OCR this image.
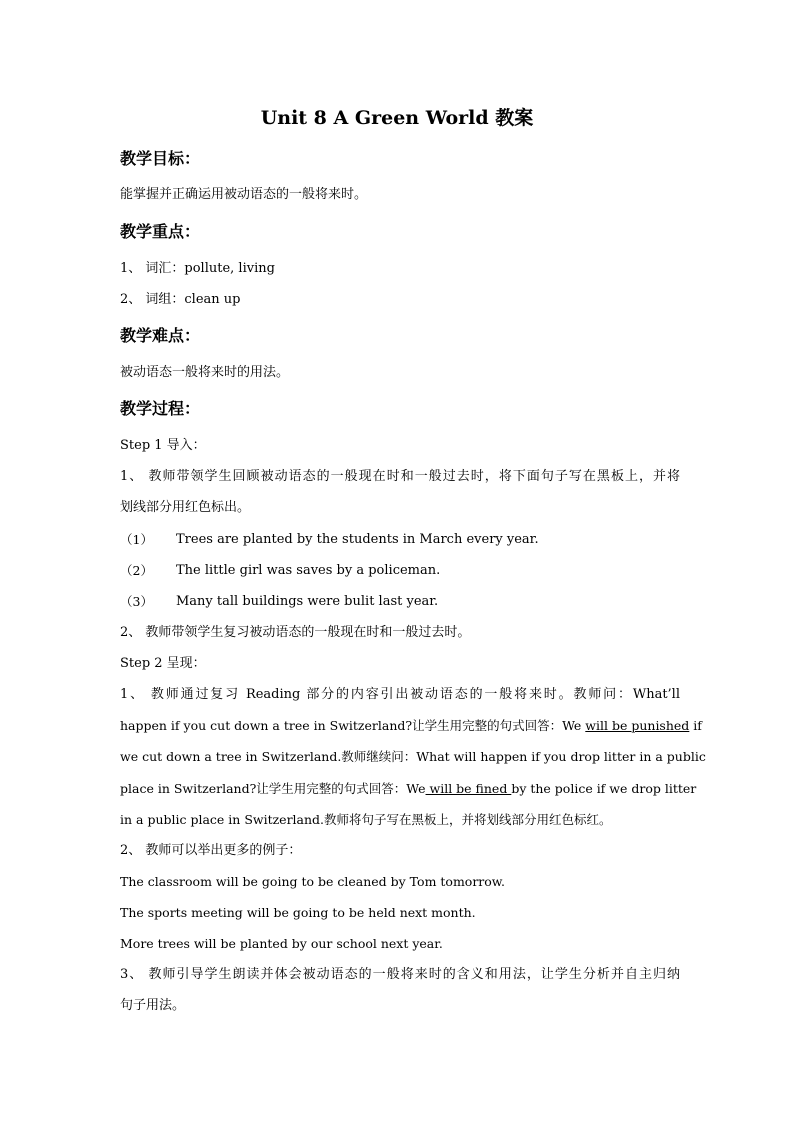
Unit 8 A Green World 教案
教学目标：
能掌握并正确运用被动语态的一般将来时。
教学重点：
1、 词汇：pollute, living
2、 词组：clean up
教学难点：
被动语态一般将来时的用法。
教学过程：
Step 1 导入：
1、 教师带领学生回顾被动语态的一般现在时和一般过去时，将下面句子写在黑板上，并将
划线部分用红色标出。
（1）	Trees are planted by the students in March every year.
（2）	The little girl was saves by a policeman.
（3）	Many tall buildings were bulit last year.
2、 教师带领学生复习被动语态的一般现在时和一般过去时。
Step 2 呈现：
1、 教师通过复习 Reading 部分的内容引出被动语态的一般将来时。教师问：What’ll
happen if you cut down a tree in Switzerland?让学生用完整的句式回答：We will be punished if
we cut down a tree in Switzerland.教师继续问：What will happen if you drop litter in a public
place in Switzerland?让学生用完整的句式回答：We will be fined by the police if we drop litter
in a public place in Switzerland.教师将句子写在黑板上，并将划线部分用红色标红。
2、 教师可以举出更多的例子：
The classroom will be going to be cleaned by Tom tomorrow.
The sports meeting will be going to be held next month.
More trees will be planted by our school next year.
3、 教师引导学生朗读并体会被动语态的一般将来时的含义和用法，让学生分析并自主归纳
句子用法。
